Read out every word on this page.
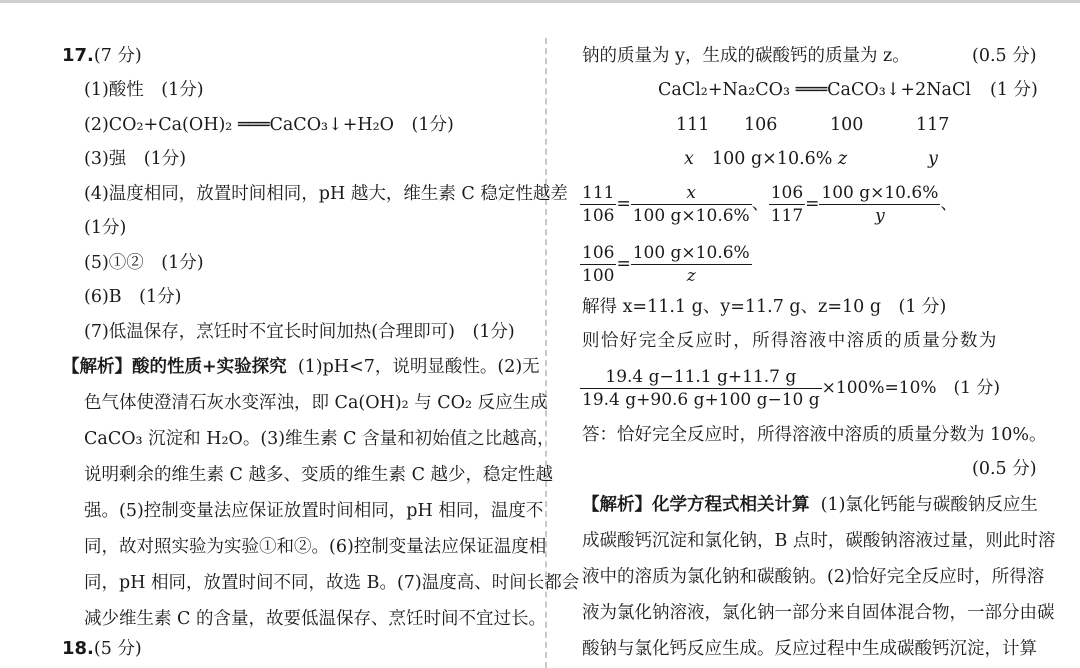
17.(7 分)
(1)酸性　(1分)
(2)CO₂+Ca(OH)₂ ═══CaCO₃↓+H₂O　(1分)
(3)强　(1分)
(4)温度相同，放置时间相同，pH 越大，维生素 C 稳定性越差
(1分)
(5)①②　(1分)
(6)B　(1分)
(7)低温保存，烹饪时不宜长时间加热(合理即可)　(1分)
【解析】酸的性质+实验探究 (1)pH<7，说明显酸性。(2)无
色气体使澄清石灰水变浑浊，即 Ca(OH)₂ 与 CO₂ 反应生成
CaCO₃ 沉淀和 H₂O。(3)维生素 C 含量和初始值之比越高，
说明剩余的维生素 C 越多、变质的维生素 C 越少，稳定性越
强。(5)控制变量法应保证放置时间相同，pH 相同，温度不
同，故对照实验为实验①和②。(6)控制变量法应保证温度相
同，pH 相同，放置时间不同，故选 B。(7)温度高、时间长都会
减少维生素 C 的含量，故要低温保存、烹饪时间不宜过长。
18.(5 分)
钠的质量为 y，生成的碳酸钙的质量为 z。	(0.5 分)
CaCl₂+Na₂CO₃ ═══CaCO₃↓+2NaCl (1 分)
111 106	100	117
x 100 g×10.6% z	y
$\frac{111}{106} = \frac{x}{100 g\times 10.6\%}$ 、 $\frac{106}{117} = \frac{100 g\times 10.6\%}{y}$ 、
$\frac{106}{100} = \frac{100 g\times 10.6\%}{z}$
解得 x=11.1 g、y=11.7 g、z=10 g　(1 分)
则恰好完全反应时，所得溶液中溶质的质量分数为
$\frac{19.4 g-11.1 g+11.7 g}{19.4 g+90.6 g+100 g-10 g} \times 100\%=10\%$　(1 分)
答：恰好完全反应时，所得溶液中溶质的质量分数为 10%。
(0.5 分)
【解析】化学方程式相关计算 (1)氯化钙能与碳酸钠反应生
成碳酸钙沉淀和氯化钠，B 点时，碳酸钠溶液过量，则此时溶
液中的溶质为氯化钠和碳酸钠。(2)恰好完全反应时，所得溶
液为氯化钠溶液，氯化钠一部分来自固体混合物，一部分由碳
酸钠与氯化钙反应生成。反应过程中生成碳酸钙沉淀，计算
